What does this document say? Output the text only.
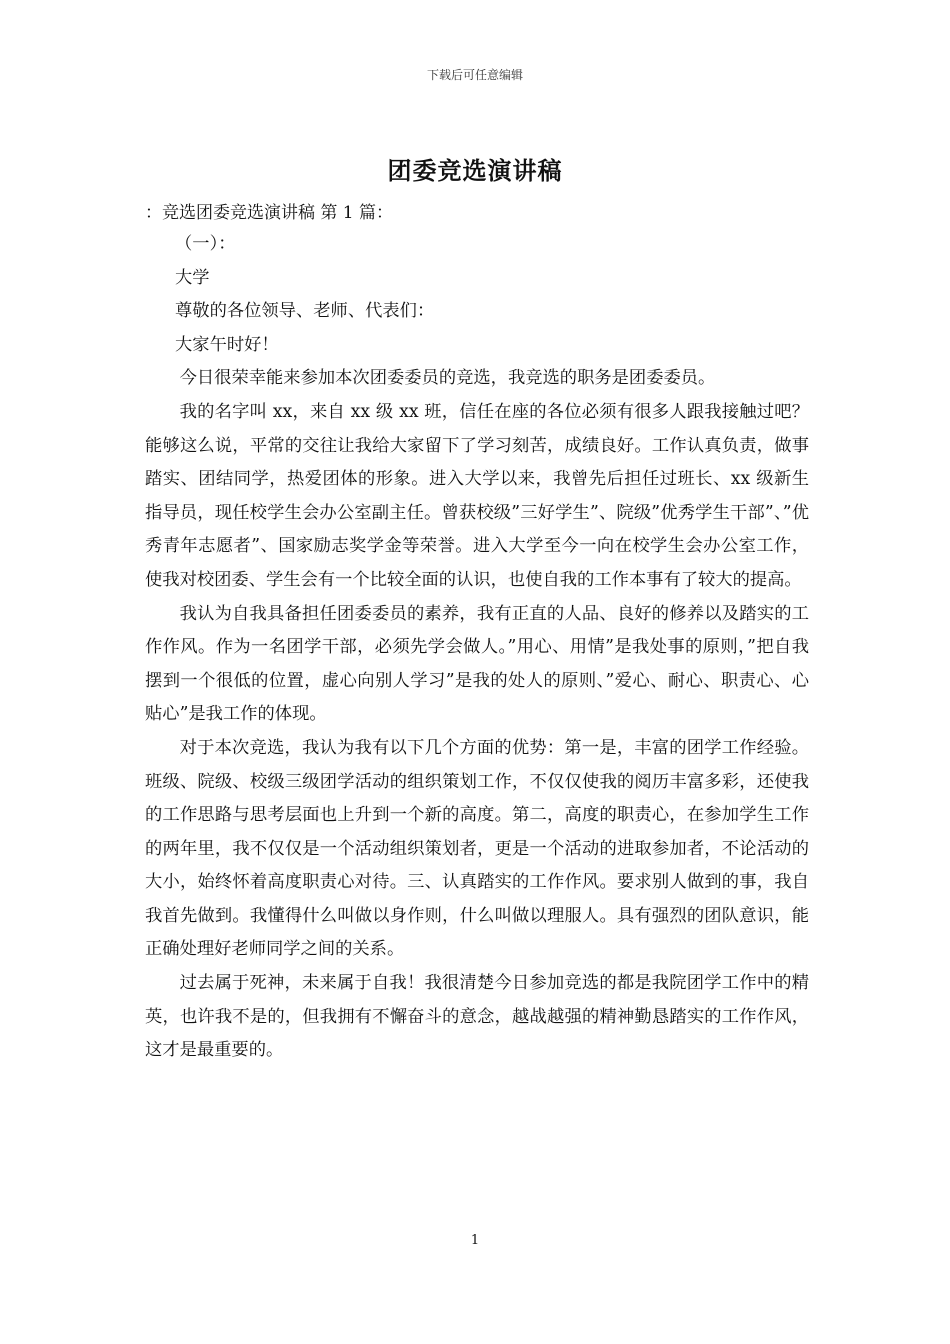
下载后可任意编辑
团委竞选演讲稿
：竞选团委竞选演讲稿 第 1 篇：

（一）：

大学

尊敬的各位领导、老师、代表们：

大家午时好！

今日很荣幸能来参加本次团委委员的竞选，我竞选的职务是团委委员。

我的名字叫 xx，来自 xx 级 xx 班，信任在座的各位必须有很多人跟我接触过吧？能够这么说，平常的交往让我给大家留下了学习刻苦，成绩良好。工作认真负责，做事踏实、团结同学，热爱团体的形象。进入大学以来，我曾先后担任过班长、xx 级新生指导员，现任校学生会办公室副主任。曾获校级”三好学生”、院级”优秀学生干部”、”优秀青年志愿者”、国家励志奖学金等荣誉。进入大学至今一向在校学生会办公室工作，使我对校团委、学生会有一个比较全面的认识，也使自我的工作本事有了较大的提高。

我认为自我具备担任团委委员的素养，我有正直的人品、良好的修养以及踏实的工作作风。作为一名团学干部，必须先学会做人。”用心、用情”是我处事的原则，”把自我摆到一个很低的位置，虚心向别人学习”是我的处人的原则、”爱心、耐心、职责心、心贴心”是我工作的体现。

对于本次竞选，我认为我有以下几个方面的优势：第一是，丰富的团学工作经验。班级、院级、校级三级团学活动的组织策划工作，不仅仅使我的阅历丰富多彩，还使我的工作思路与思考层面也上升到一个新的高度。第二，高度的职责心，在参加学生工作的两年里，我不仅仅是一个活动组织策划者，更是一个活动的进取参加者，不论活动的大小，始终怀着高度职责心对待。三、认真踏实的工作作风。要求别人做到的事，我自我首先做到。我懂得什么叫做以身作则，什么叫做以理服人。具有强烈的团队意识，能正确处理好老师同学之间的关系。

过去属于死神，未来属于自我！我很清楚今日参加竞选的都是我院团学工作中的精英，也许我不是的，但我拥有不懈奋斗的意念，越战越强的精神勤恳踏实的工作作风，这才是最重要的。

1
